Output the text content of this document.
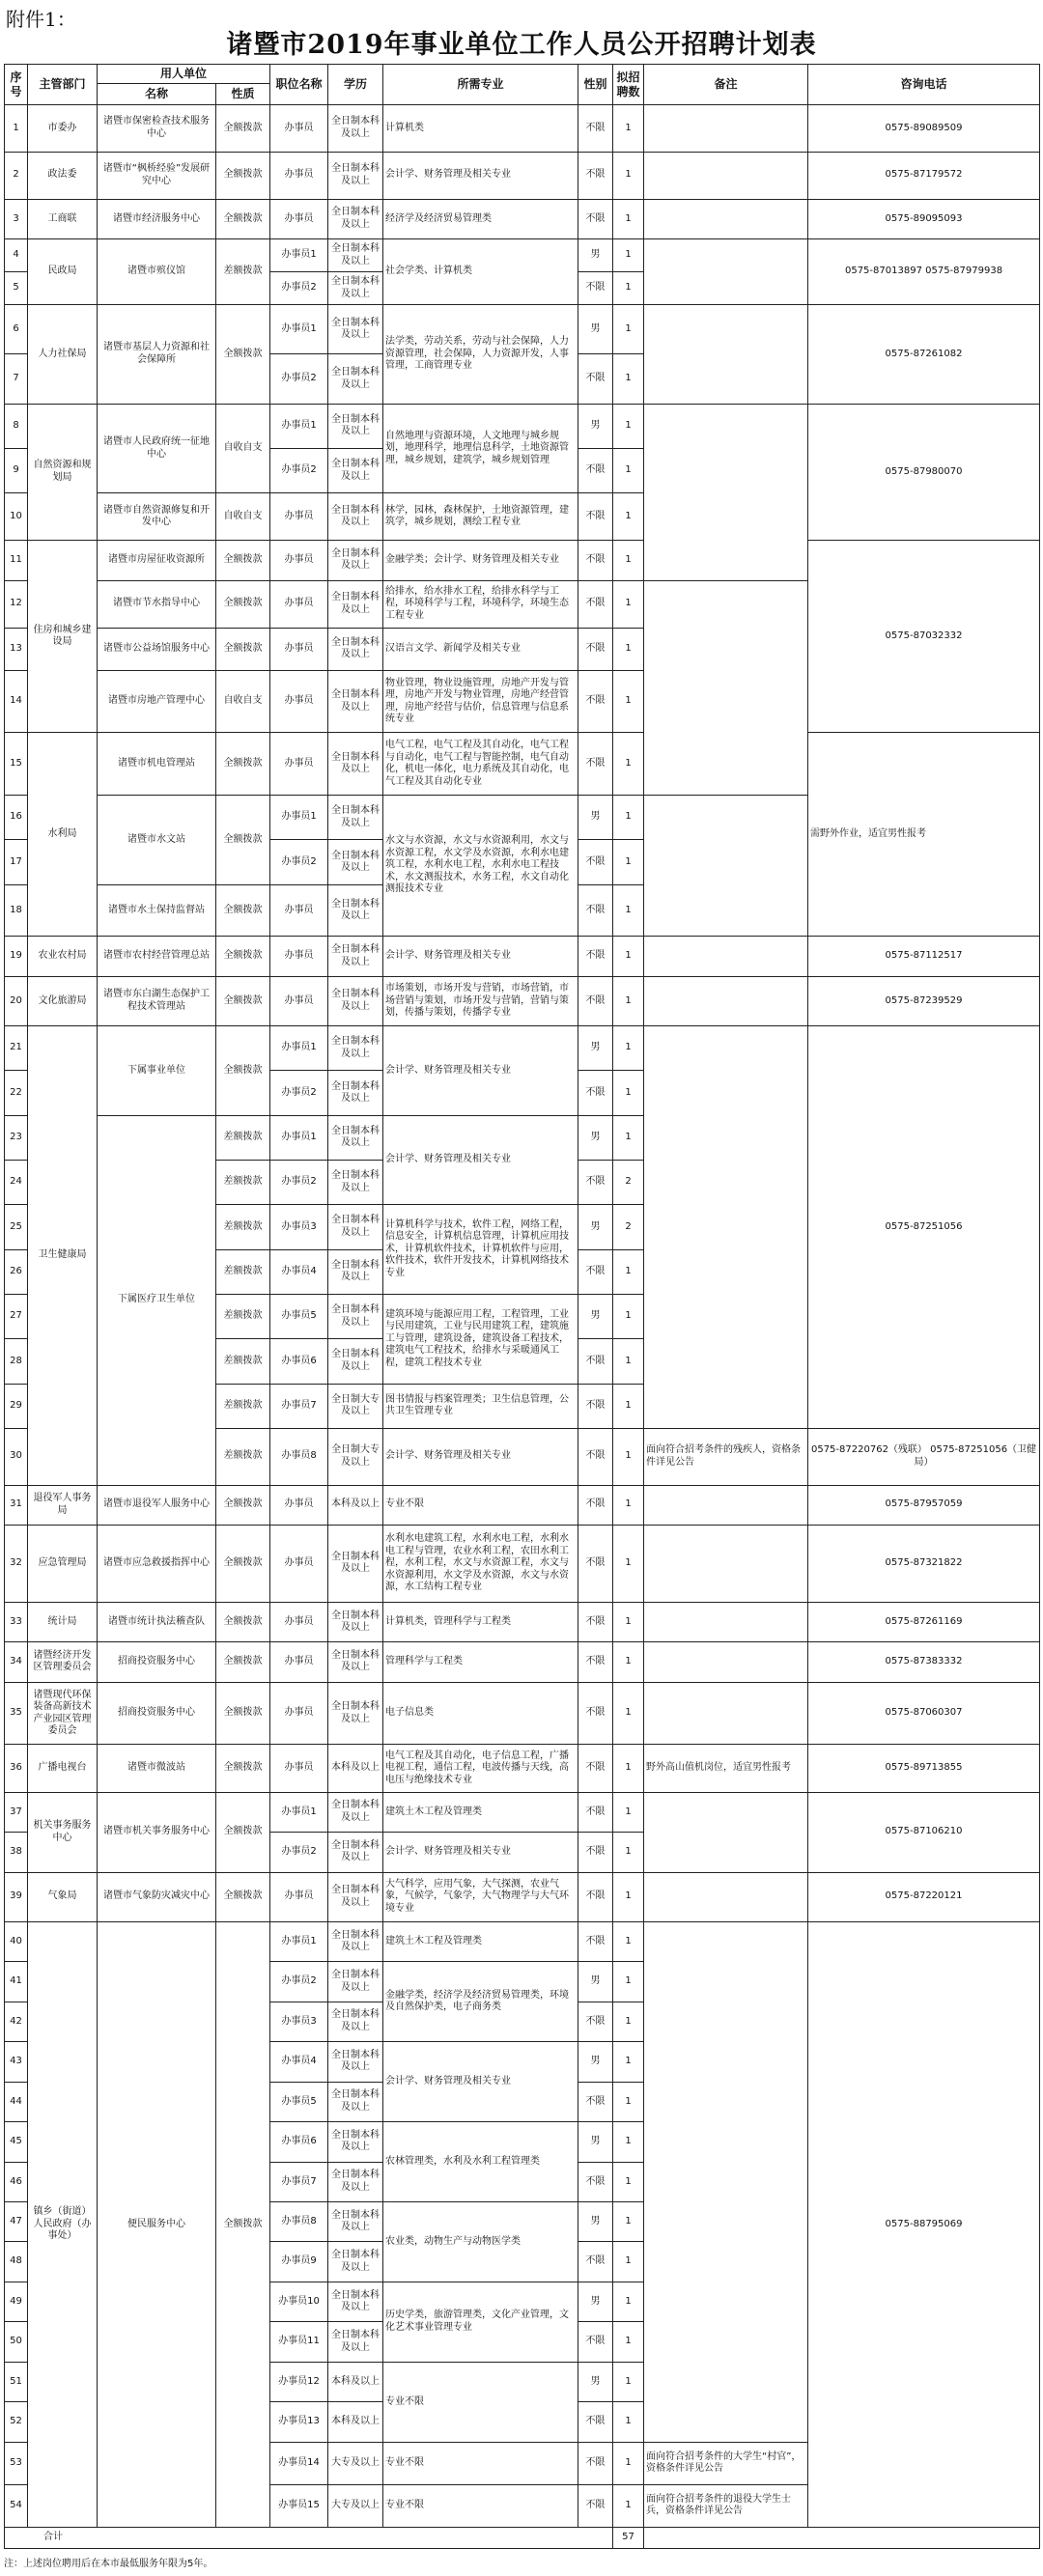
附件1：
诸暨市2019年事业单位工作人员公开招聘计划表
序号	主管部门	用人单位		职位名称	学历	所需专业	性别	拟招聘数	备注	咨询电话	
		名称	性质								
1	市委办	诸暨市保密检查技术服务中心	全额拨款	办事员	全日制本科及以上	计算机类	不限	1		0575-89089509	
2	政法委	诸暨市“枫桥经验”发展研究中心	全额拨款	办事员	全日制本科及以上	会计学、财务管理及相关专业	不限	1		0575-87179572	
3	工商联	诸暨市经济服务中心	全额拨款	办事员	全日制本科及以上	经济学及经济贸易管理类	不限	1		0575-89095093	
4	民政局	诸暨市殡仪馆	差额拨款	办事员1	全日制本科及以上	社会学类、计算机类	男	1		0575-87013897 0575-87979938	
5				办事员2	全日制本科及以上		不限	1			
6	人力社保局	诸暨市基层人力资源和社会保障所	全额拨款	办事员1	全日制本科及以上	法学类，劳动关系，劳动与社会保障，人力资源管理，社会保障，人力资源开发，人事管理，工商管理专业	男	1		0575-87261082	
7				办事员2	全日制本科及以上		不限	1			
8	自然资源和规划局	诸暨市人民政府统一征地中心	自收自支	办事员1	全日制本科及以上	自然地理与资源环境，人文地理与城乡规划，地理科学，地理信息科学，土地资源管理，城乡规划，建筑学，城乡规划管理	男	1		0575-87980070	
9				办事员2	全日制本科及以上		不限	1			
10		诸暨市自然资源修复和开发中心	自收自支	办事员	全日制本科及以上	林学，园林，森林保护，土地资源管理，建筑学，城乡规划，测绘工程专业	不限	1			
11	住房和城乡建设局	诸暨市房屋征收资源所	全额拨款	办事员	全日制本科及以上	金融学类；会计学、财务管理及相关专业	不限	1		0575-87032332	
12		诸暨市节水指导中心	全额拨款	办事员	全日制本科及以上	给排水，给水排水工程，给排水科学与工程，环境科学与工程，环境科学，环境生态工程专业	不限	1			
13		诸暨市公益场馆服务中心	全额拨款	办事员	全日制本科及以上	汉语言文学、新闻学及相关专业	不限	1			
14		诸暨市房地产管理中心	自收自支	办事员	全日制本科及以上	物业管理，物业设施管理，房地产开发与管理，房地产开发与物业管理，房地产经营管理，房地产经营与估价，信息管理与信息系统专业	不限	1			
15	水利局	诸暨市机电管理站	全额拨款	办事员	全日制本科及以上	电气工程，电气工程及其自动化，电气工程与自动化，电气工程与智能控制，电气自动化，机电一体化，电力系统及其自动化，电气工程及其自动化专业	不限	1		需野外作业，适宜男性报考	
16		诸暨市水文站	全额拨款	办事员1	全日制本科及以上	水文与水资源，水文与水资源利用，水文与水资源工程，水文学及水资源，水利水电建筑工程，水利水电工程，水利水电工程技术，水文测报技术，水务工程，水文自动化测报技术专业	男	1			
17				办事员2	全日制本科及以上		不限	1			
18		诸暨市水土保持监督站	全额拨款	办事员	全日制本科及以上		不限	1			
19	农业农村局	诸暨市农村经营管理总站	全额拨款	办事员	全日制本科及以上	会计学、财务管理及相关专业	不限	1		0575-87112517	
20	文化旅游局	诸暨市东白湖生态保护工程技术管理站	全额拨款	办事员	全日制本科及以上	市场策划，市场开发与营销，市场营销，市场营销与策划，市场开发与营销，营销与策划，传播与策划，传播学专业	不限	1		0575-87239529	
21	卫生健康局	下属事业单位	全额拨款	办事员1	全日制本科及以上	会计学、财务管理及相关专业	男	1		0575-87251056	
22				办事员2	全日制本科及以上		不限	1			
23		下属医疗卫生单位	差额拨款	办事员1	全日制本科及以上	会计学、财务管理及相关专业	男	1			
24			差额拨款	办事员2	全日制本科及以上		不限	2			
25			差额拨款	办事员3	全日制本科及以上	计算机科学与技术，软件工程，网络工程，信息安全，计算机信息管理，计算机应用技术，计算机软件技术，计算机软件与应用，软件技术，软件开发技术，计算机网络技术专业	男	2			
26			差额拨款	办事员4	全日制本科及以上		不限	1			
27			差额拨款	办事员5	全日制本科及以上	建筑环境与能源应用工程，工程管理，工业与民用建筑，工业与民用建筑工程，建筑施工与管理，建筑设备，建筑设备工程技术，建筑电气工程技术，给排水与采暖通风工程，建筑工程技术专业	男	1			
28			差额拨款	办事员6	全日制本科及以上		不限	1			
29			差额拨款	办事员7	全日制大专及以上	图书情报与档案管理类；卫生信息管理，公共卫生管理专业	不限	1			
30			差额拨款	办事员8	全日制大专及以上	会计学、财务管理及相关专业	不限	1	面向符合招考条件的残疾人，资格条件详见公告	0575-87220762（残联） 0575-87251056（卫健局）	
31	退役军人事务局	诸暨市退役军人服务中心	全额拨款	办事员	本科及以上	专业不限	不限	1		0575-87957059	
32	应急管理局	诸暨市应急救援指挥中心	全额拨款	办事员	全日制本科及以上	水利水电建筑工程，水利水电工程，水利水电工程与管理，农业水利工程，农田水利工程，水利工程，水文与水资源工程，水文与水资源利用，水文学及水资源，水文与水资源，水工结构工程专业	不限	1		0575-87321822	
33	统计局	诸暨市统计执法稽查队	全额拨款	办事员	全日制本科及以上	计算机类，管理科学与工程类	不限	1		0575-87261169	
34	诸暨经济开发区管理委员会	招商投资服务中心	全额拨款	办事员	全日制本科及以上	管理科学与工程类	不限	1		0575-87383332	
35	诸暨现代环保装备高新技术产业园区管理委员会	招商投资服务中心	全额拨款	办事员	全日制本科及以上	电子信息类	不限	1		0575-87060307	
36	广播电视台	诸暨市微波站	全额拨款	办事员	本科及以上	电气工程及其自动化，电子信息工程，广播电视工程，通信工程，电波传播与天线，高电压与绝缘技术专业	不限	1	野外高山值机岗位，适宜男性报考	0575-89713855	
37	机关事务服务中心	诸暨市机关事务服务中心	全额拨款	办事员1	全日制本科及以上	建筑土木工程及管理类	不限	1		0575-87106210	
38				办事员2	全日制本科及以上	会计学、财务管理及相关专业	不限	1			
39	气象局	诸暨市气象防灾减灾中心	全额拨款	办事员	全日制本科及以上	大气科学，应用气象，大气探测，农业气象，气候学，气象学，大气物理学与大气环境专业	不限	1		0575-87220121	
40	镇乡（街道）人民政府（办事处）	便民服务中心	全额拨款	办事员1	全日制本科及以上	建筑土木工程及管理类	不限	1		0575-88795069	
41				办事员2	全日制本科及以上	金融学类，经济学及经济贸易管理类，环境及自然保护类，电子商务类	男	1			
42				办事员3	全日制本科及以上		不限	1			
43				办事员4	全日制本科及以上	会计学、财务管理及相关专业	男	1			
44				办事员5	全日制本科及以上		不限	1			
45				办事员6	全日制本科及以上	农林管理类，水利及水利工程管理类	男	1			
46				办事员7	全日制本科及以上		不限	1			
47				办事员8	全日制本科及以上	农业类，动物生产与动物医学类	男	1			
48				办事员9	全日制本科及以上		不限	1			
49				办事员10	全日制本科及以上	历史学类，旅游管理类，文化产业管理，文化艺术事业管理专业	男	1			
50				办事员11	全日制本科及以上		不限	1			
51				办事员12	本科及以上	专业不限	男	1			
52				办事员13	本科及以上		不限	1			
53				办事员14	大专及以上	专业不限	不限	1	面向符合招考条件的大学生“村官”，资格条件详见公告		
54				办事员15	大专及以上	专业不限	不限	1	面向符合招考条件的退役大学生士兵，资格条件详见公告		
合计								57			
注：上述岗位聘用后在本市最低服务年限为5年。
